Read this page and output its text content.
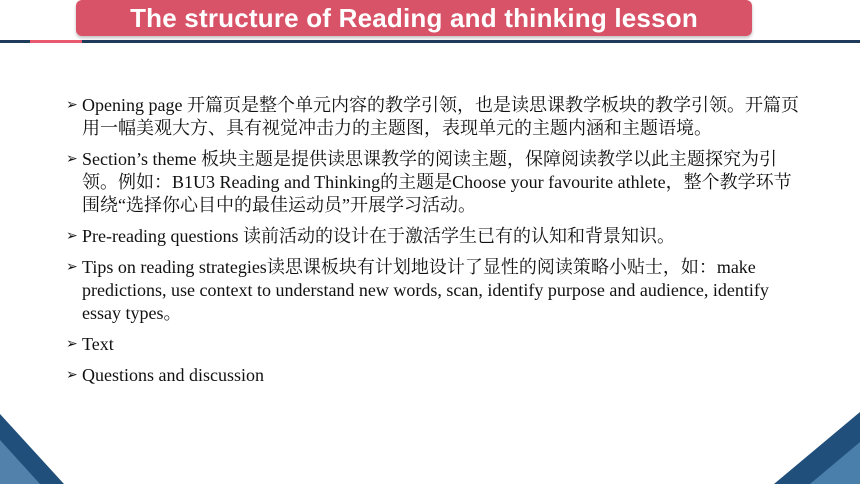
The structure of Reading and thinking lesson
➢ Opening page 开篇页是整个单元内容的教学引领，也是读思课教学板块的教学引领。开篇页用一幅美观大方、具有视觉冲击力的主题图，表现单元的主题内涵和主题语境。
➢ Section’s theme 板块主题是提供读思课教学的阅读主题，保障阅读教学以此主题探究为引领。例如：B1U3 Reading and Thinking的主题是Choose your favourite athlete，整个教学环节围绕“选择你心目中的最佳运动员”开展学习活动。
➢ Pre-reading questions 读前活动的设计在于激活学生已有的认知和背景知识。
➢ Tips on reading strategies读思课板块有计划地设计了显性的阅读策略小贴士，如：make predictions, use context to understand new words, scan, identify purpose and audience, identify essay types。
➢ Text
➢ Questions and discussion
